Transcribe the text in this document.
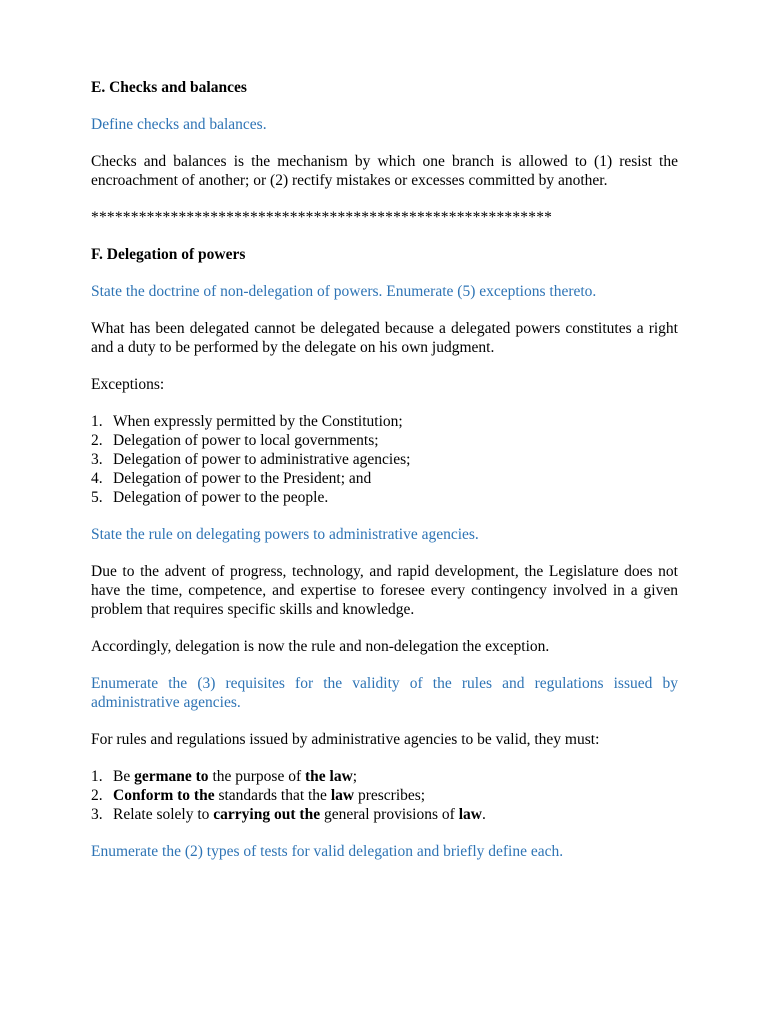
E. Checks and balances

Define checks and balances.

Checks and balances is the mechanism by which one branch is allowed to (1) resist the encroachment of another; or (2) rectify mistakes or excesses committed by another.

**********************************************************

F. Delegation of powers

State the doctrine of non-delegation of powers. Enumerate (5) exceptions thereto.

What has been delegated cannot be delegated because a delegated powers constitutes a right and a duty to be performed by the delegate on his own judgment.

Exceptions:

1. When expressly permitted by the Constitution;
2. Delegation of power to local governments;
3. Delegation of power to administrative agencies;
4. Delegation of power to the President; and
5. Delegation of power to the people.

State the rule on delegating powers to administrative agencies.

Due to the advent of progress, technology, and rapid development, the Legislature does not have the time, competence, and expertise to foresee every contingency involved in a given problem that requires specific skills and knowledge.

Accordingly, delegation is now the rule and non-delegation the exception.

Enumerate the (3) requisites for the validity of the rules and regulations issued by administrative agencies.

For rules and regulations issued by administrative agencies to be valid, they must:

1. Be germane to the purpose of the law;
2. Conform to the standards that the law prescribes;
3. Relate solely to carrying out the general provisions of law.

Enumerate the (2) types of tests for valid delegation and briefly define each.
